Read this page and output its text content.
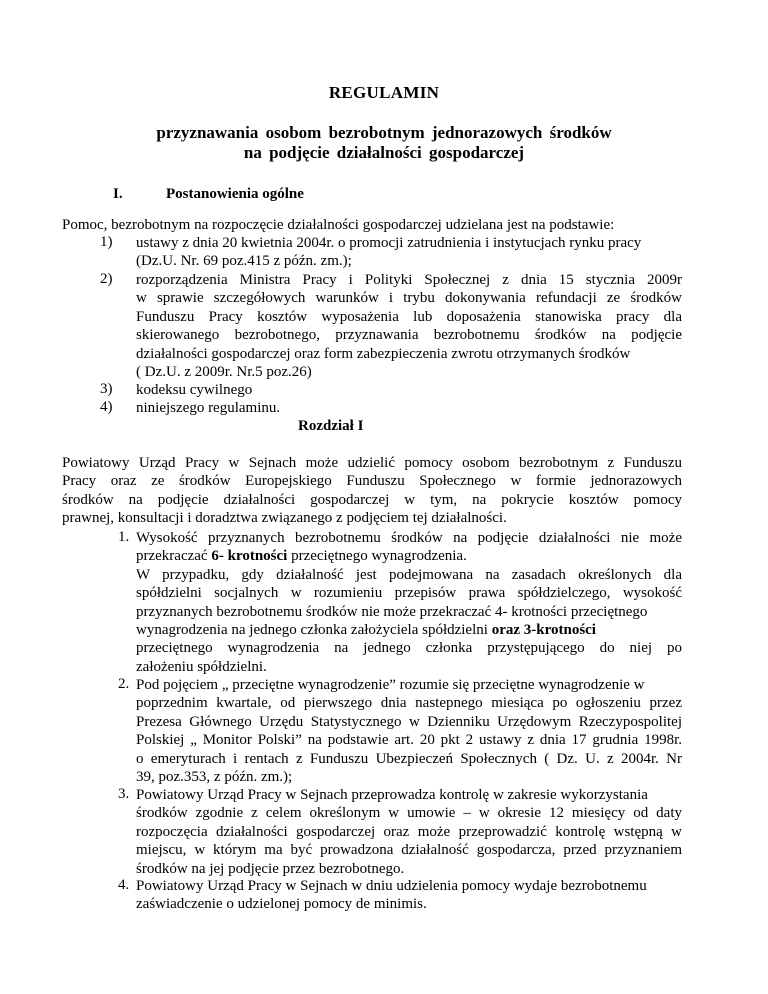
REGULAMIN
przyznawania osobom bezrobotnym jednorazowych środków
na podjęcie działalności gospodarczej
I.	Postanowienia ogólne
Pomoc, bezrobotnym na rozpoczęcie działalności gospodarczej udzielana jest na podstawie:
1) ustawy z dnia 20 kwietnia 2004r. o promocji zatrudnienia i instytucjach rynku pracy
(Dz.U. Nr. 69 poz.415 z późn. zm.);
2) rozporządzenia Ministra Pracy i Polityki Społecznej z dnia 15 stycznia 2009r
w sprawie szczegółowych warunków i trybu dokonywania refundacji ze środków
Funduszu Pracy kosztów wyposażenia lub doposażenia stanowiska pracy dla
skierowanego bezrobotnego, przyznawania bezrobotnemu środków na podjęcie
działalności gospodarczej oraz form zabezpieczenia zwrotu otrzymanych środków
( Dz.U. z 2009r. Nr.5 poz.26)
3) kodeksu cywilnego
4) niniejszego regulaminu.
Rozdział I
Powiatowy Urząd Pracy w Sejnach może udzielić pomocy osobom bezrobotnym z Funduszu
Pracy oraz ze środków Europejskiego Funduszu Społecznego w formie jednorazowych
środków na podjęcie działalności gospodarczej w tym, na pokrycie kosztów pomocy
prawnej, konsultacji i doradztwa związanego z podjęciem tej działalności.
1. Wysokość przyznanych bezrobotnemu środków na podjęcie działalności nie może
przekraczać 6- krotności przeciętnego wynagrodzenia.
W przypadku, gdy działalność jest podejmowana na zasadach określonych dla
spółdzielni socjalnych w rozumieniu przepisów prawa spółdzielczego, wysokość
przyznanych bezrobotnemu środków nie może przekraczać 4- krotności przeciętnego
wynagrodzenia na jednego członka założyciela spółdzielni oraz 3-krotności
przeciętnego wynagrodzenia na jednego członka przystępującego do niej po
założeniu spółdzielni.
2. Pod pojęciem „ przeciętne wynagrodzenie” rozumie się przeciętne wynagrodzenie w
poprzednim kwartale, od pierwszego dnia nastepnego miesiąca po ogłoszeniu przez
Prezesa Głównego Urzędu Statystycznego w Dzienniku Urzędowym Rzeczypospolitej
Polskiej „ Monitor Polski” na podstawie art. 20 pkt 2 ustawy z dnia 17 grudnia 1998r.
o emeryturach i rentach z Funduszu Ubezpieczeń Społecznych ( Dz. U. z 2004r. Nr
39, poz.353, z późn. zm.);
3. Powiatowy Urząd Pracy w Sejnach przeprowadza kontrolę w zakresie wykorzystania
środków zgodnie z celem określonym w umowie – w okresie 12 miesięcy od daty
rozpoczęcia działalności gospodarczej oraz może przeprowadzić kontrolę wstępną w
miejscu, w którym ma być prowadzona działalność gospodarcza, przed przyznaniem
środków na jej podjęcie przez bezrobotnego.
4. Powiatowy Urząd Pracy w Sejnach w dniu udzielenia pomocy wydaje bezrobotnemu
zaświadczenie o udzielonej pomocy de minimis.
